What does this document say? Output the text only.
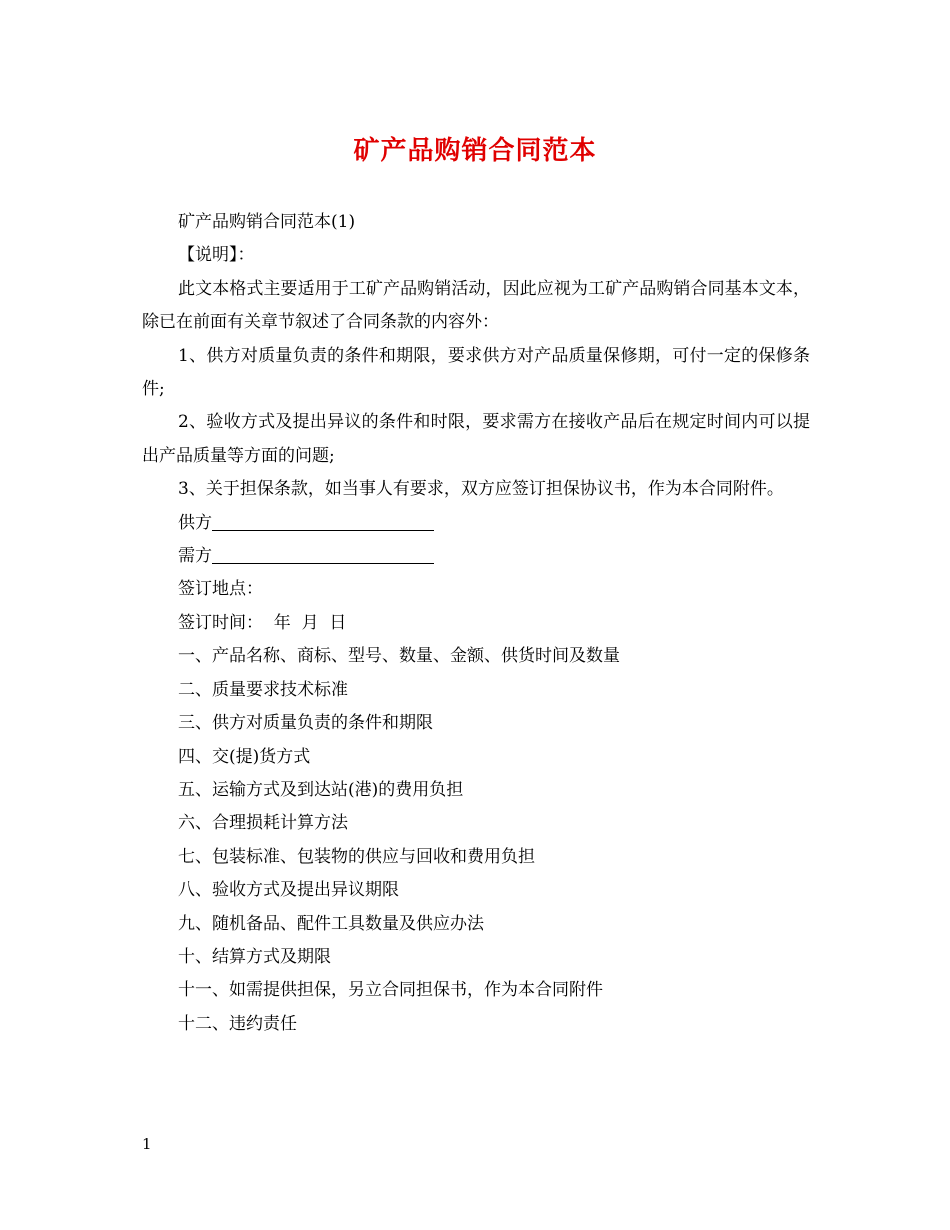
矿产品购销合同范本
矿产品购销合同范本(1)
【说明】：
此文本格式主要适用于工矿产品购销活动，因此应视为工矿产品购销合同基本文本，除已在前面有关章节叙述了合同条款的内容外：
1、供方对质量负责的条件和期限，要求供方对产品质量保修期，可付一定的保修条件;
2、验收方式及提出异议的条件和时限，要求需方在接收产品后在规定时间内可以提出产品质量等方面的问题;
3、关于担保条款，如当事人有要求，双方应签订担保协议书，作为本合同附件。
供方
需方
签订地点：
签订时间：  年  月  日
一、产品名称、商标、型号、数量、金额、供货时间及数量
二、质量要求技术标准
三、供方对质量负责的条件和期限
四、交(提)货方式
五、运输方式及到达站(港)的费用负担
六、合理损耗计算方法
七、包装标准、包装物的供应与回收和费用负担
八、验收方式及提出异议期限
九、随机备品、配件工具数量及供应办法
十、结算方式及期限
十一、如需提供担保，另立合同担保书，作为本合同附件
十二、违约责任
1
